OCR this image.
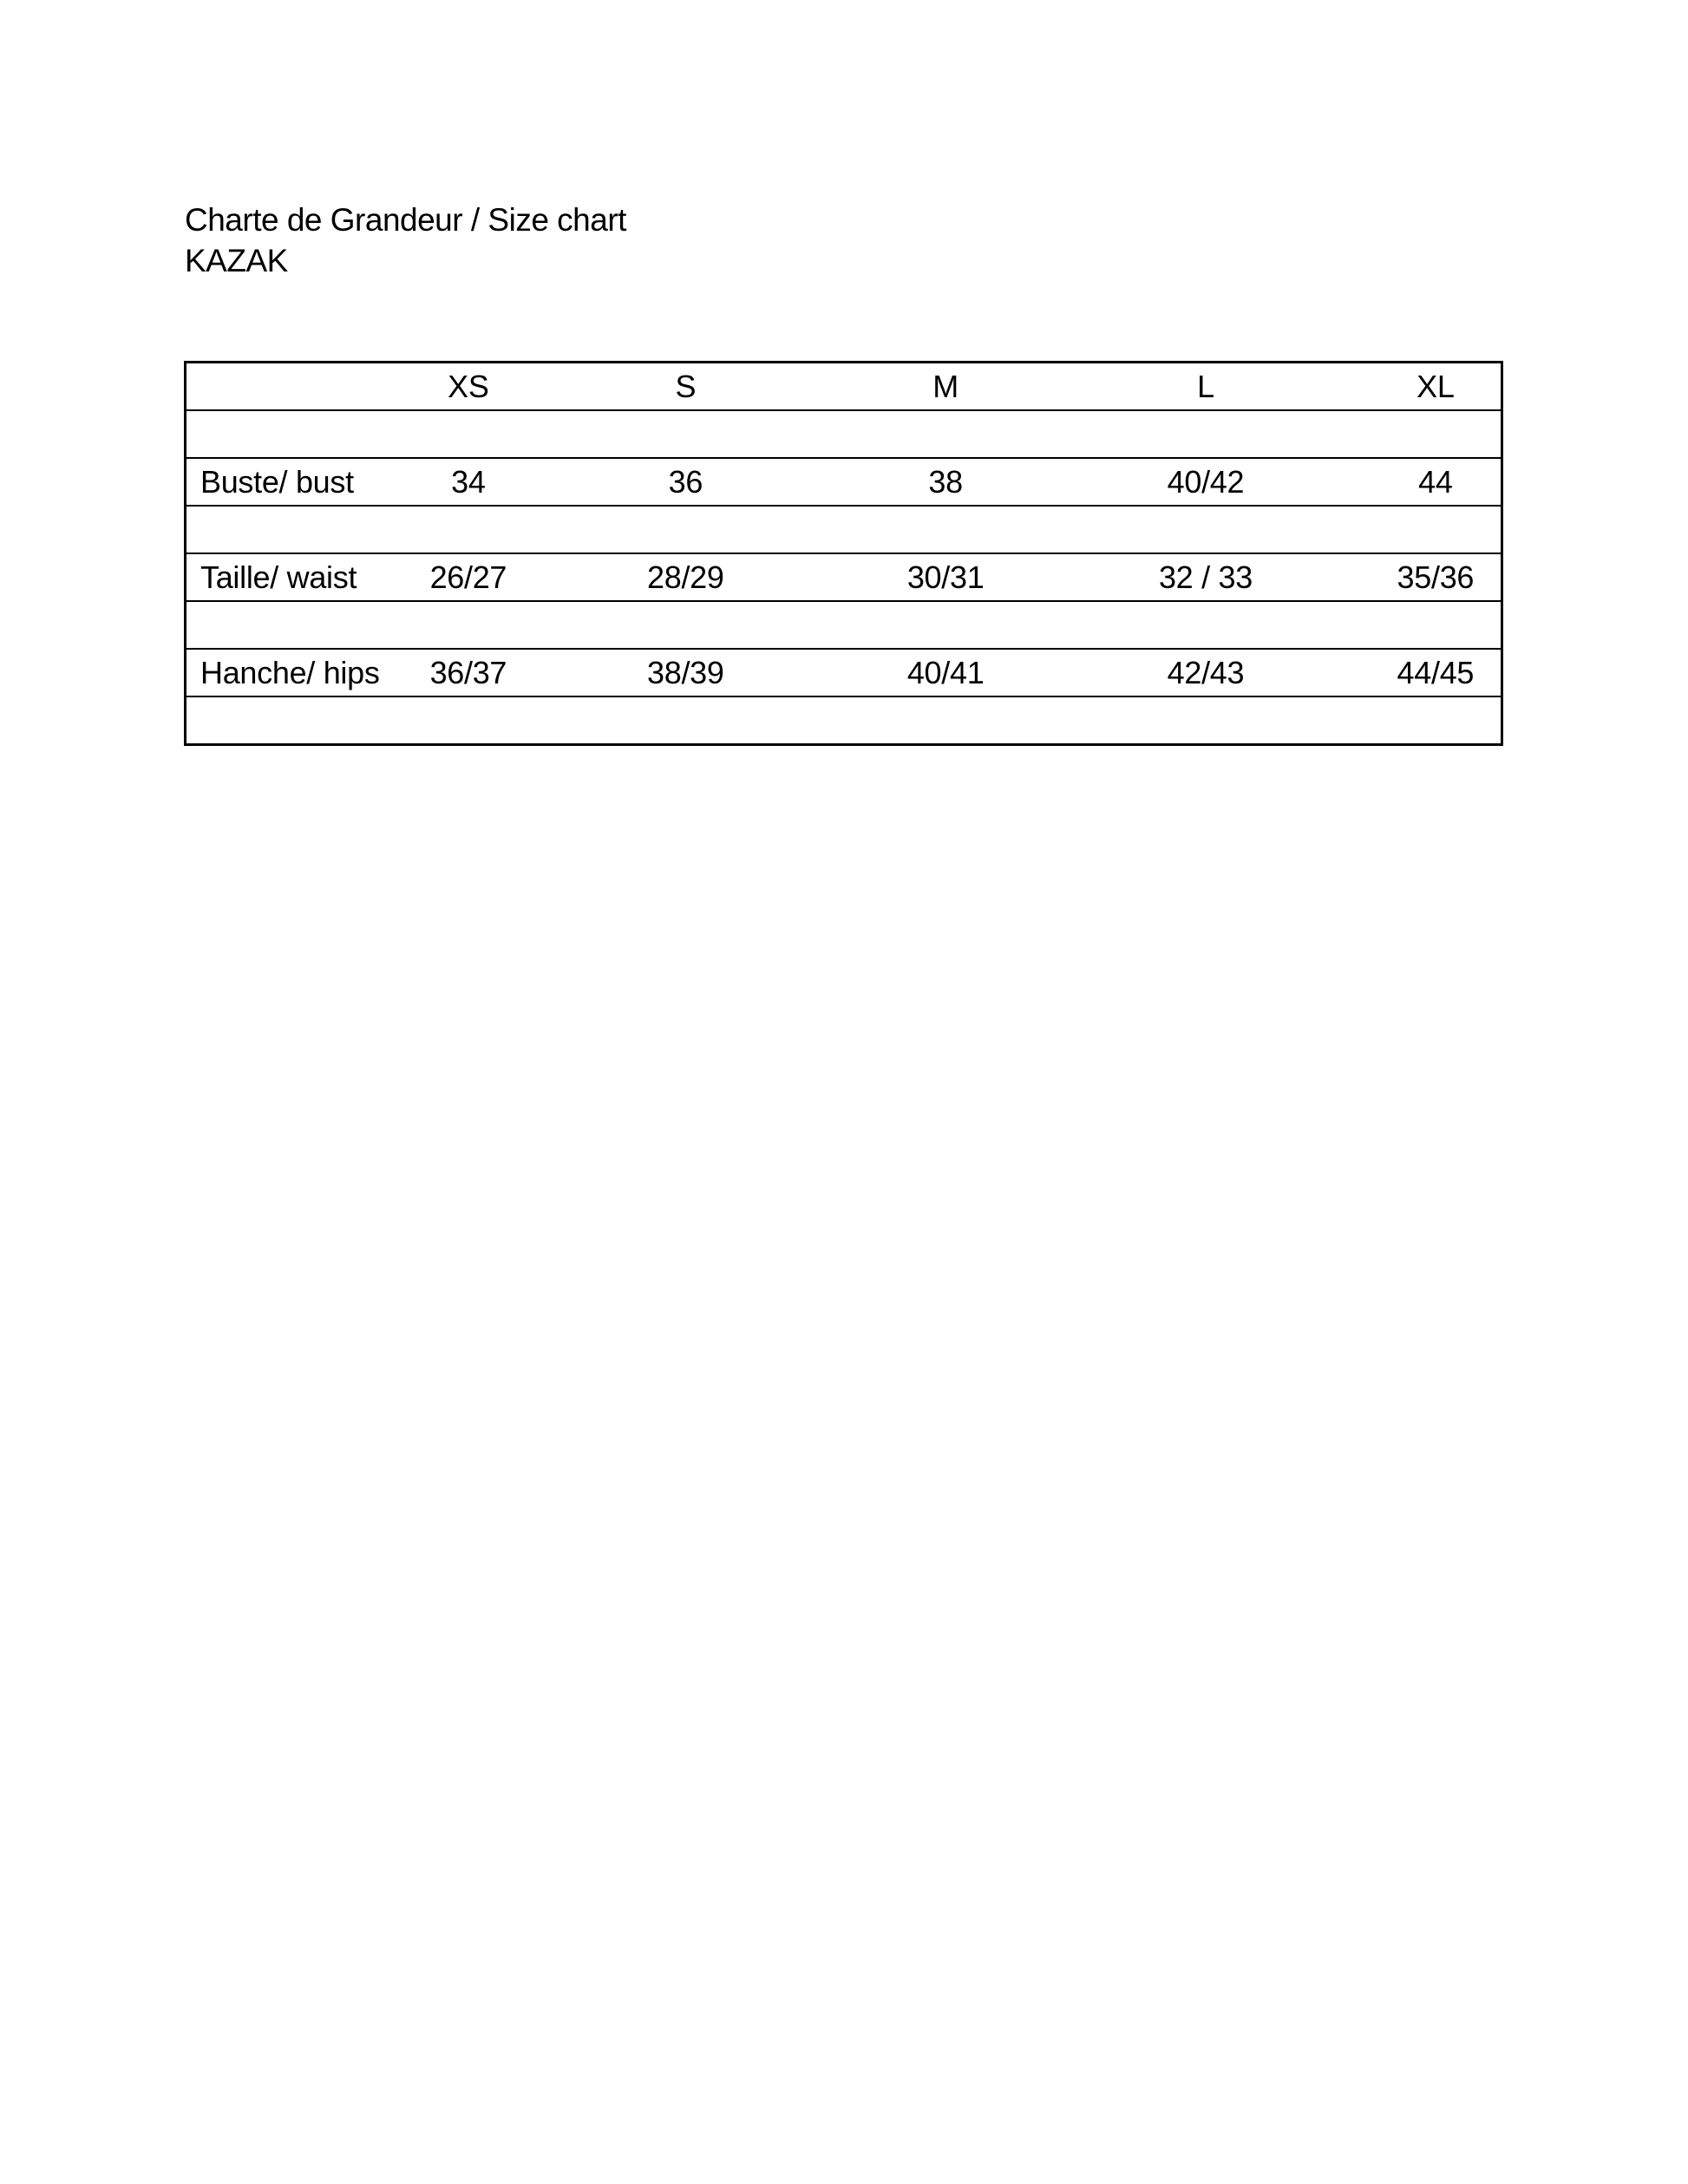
Charte de Grandeur / Size chart
KAZAK
	XS	S	M	L	XL

Buste/ bust	34	36	38	40/42	44

Taille/ waist	26/27	28/29	30/31	32 / 33	35/36

Hanche/ hips	36/37	38/39	40/41	42/43	44/45
